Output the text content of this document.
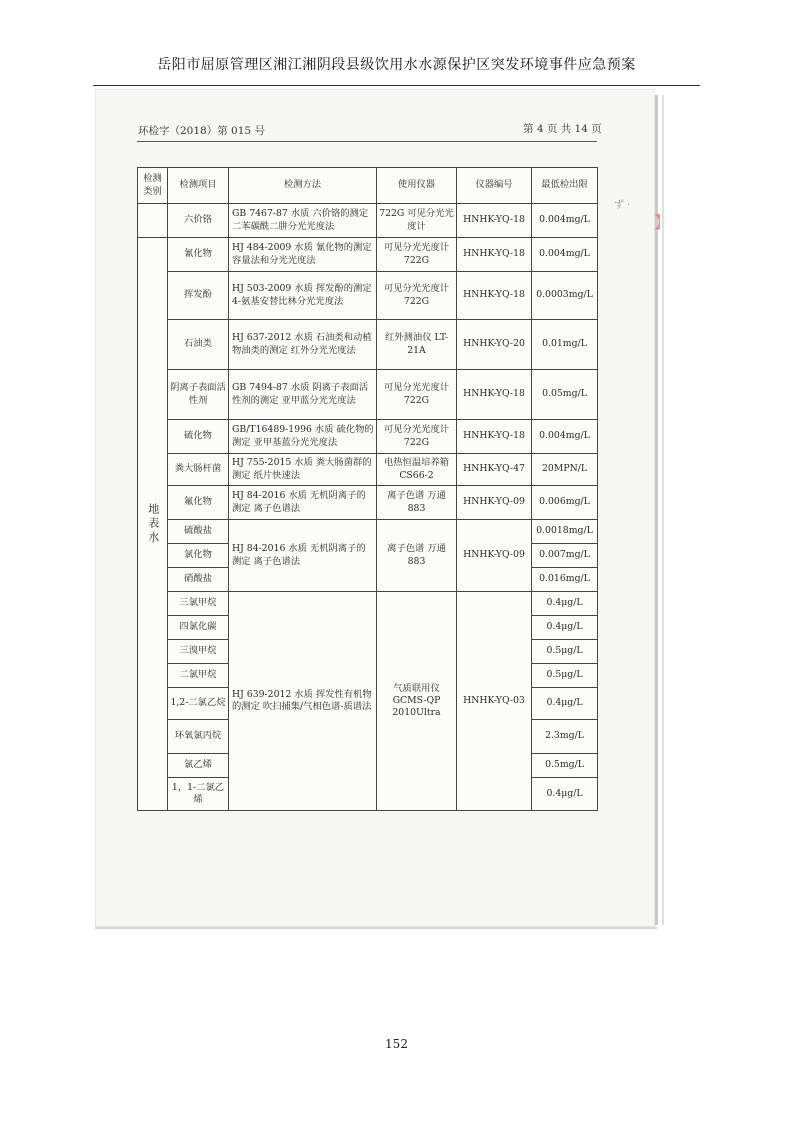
岳阳市屈原管理区湘江湘阴段县级饮用水水源保护区突发环境事件应急预案
环检字（2018）第 015 号	第 4 页 共 14 页
ず ·
】
检测类别	检测项目	检测方法	使用仪器	仪器编号	最低检出限
	六价铬	GB 7467-87 水质 六价铬的测定 二苯碳酰二肼分光光度法	722G 可见分光光度计	HNHK-YQ-18	0.004mg/L
地表水	氰化物	HJ 484-2009 水质 氰化物的测定 容量法和分光光度法	可见分光光度计 722G	HNHK-YQ-18	0.004mg/L
	挥发酚	HJ 503-2009 水质 挥发酚的测定 4-氨基安替比林分光光度法	可见分光光度计 722G	HNHK-YQ-18	0.0003mg/L
	石油类	HJ 637-2012 水质 石油类和动植物油类的测定 红外分光光度法	红外测油仪 LT-21A	HNHK-YQ-20	0.01mg/L
	阴离子表面活性剂	GB 7494-87 水质 阴离子表面活性剂的测定 亚甲蓝分光光度法	可见分光光度计 722G	HNHK-YQ-18	0.05mg/L
	硫化物	GB/T16489-1996 水质 硫化物的测定 亚甲基蓝分光光度法	可见分光光度计 722G	HNHK-YQ-18	0.004mg/L
	粪大肠杆菌	HJ 755-2015 水质 粪大肠菌群的测定 纸片快速法	电热恒温培养箱 CS66-2	HNHK-YQ-47	20MPN/L
	氟化物	HJ 84-2016 水质 无机阴离子的测定 离子色谱法	离子色谱 万通 883	HNHK-YQ-09	0.006mg/L
	硫酸盐	HJ 84-2016 水质 无机阴离子的测定 离子色谱法	离子色谱 万通 883	HNHK-YQ-09	0.0018mg/L
	氯化物				0.007mg/L
	硝酸盐				0.016mg/L
	三氯甲烷	HJ 639-2012 水质 挥发性有机物的测定 吹扫捕集/气相色谱-质谱法	气质联用仪 GCMS-QP 2010Ultra	HNHK-YQ-03	0.4μg/L
	四氯化碳				0.4μg/L
	三溴甲烷				0.5μg/L
	二氯甲烷				0.5μg/L
	1,2-二氯乙烷				0.4μg/L
	环氧氯丙烷				2.3mg/L
	氯乙烯				0.5mg/L
	1，1-二氯乙烯				0.4μg/L
152
